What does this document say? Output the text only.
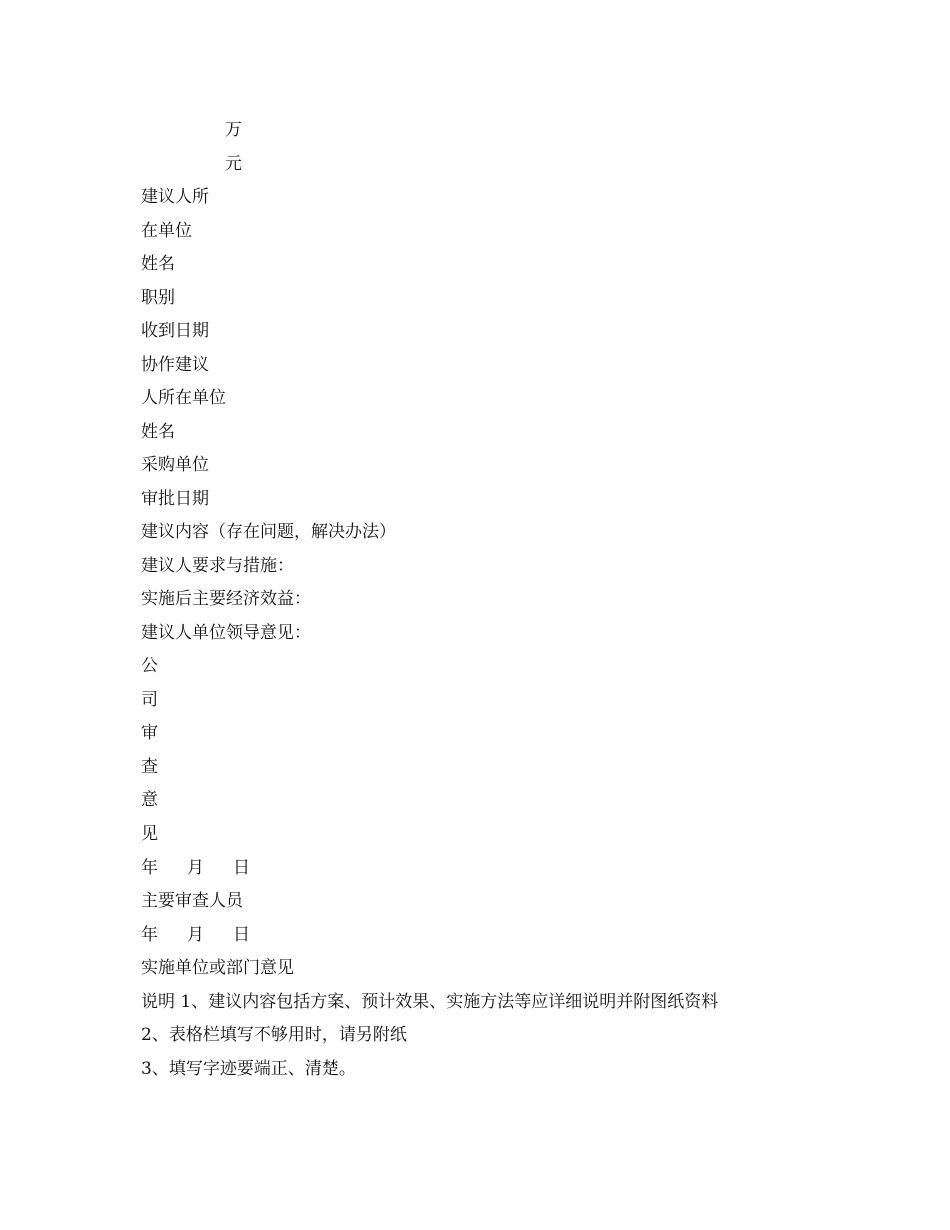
万
元
建议人所
在单位
姓名
职别
收到日期
协作建议
人所在单位
姓名
采购单位
审批日期
建议内容（存在问题，解决办法）
建议人要求与措施：
实施后主要经济效益：
建议人单位领导意见：
公
司
审
查
意
见
年 月 日
主要审查人员
年 月 日
实施单位或部门意见
说明 1、建议内容包括方案、预计效果、实施方法等应详细说明并附图纸资料
2、表格栏填写不够用时，请另附纸
3、填写字迹要端正、清楚。
